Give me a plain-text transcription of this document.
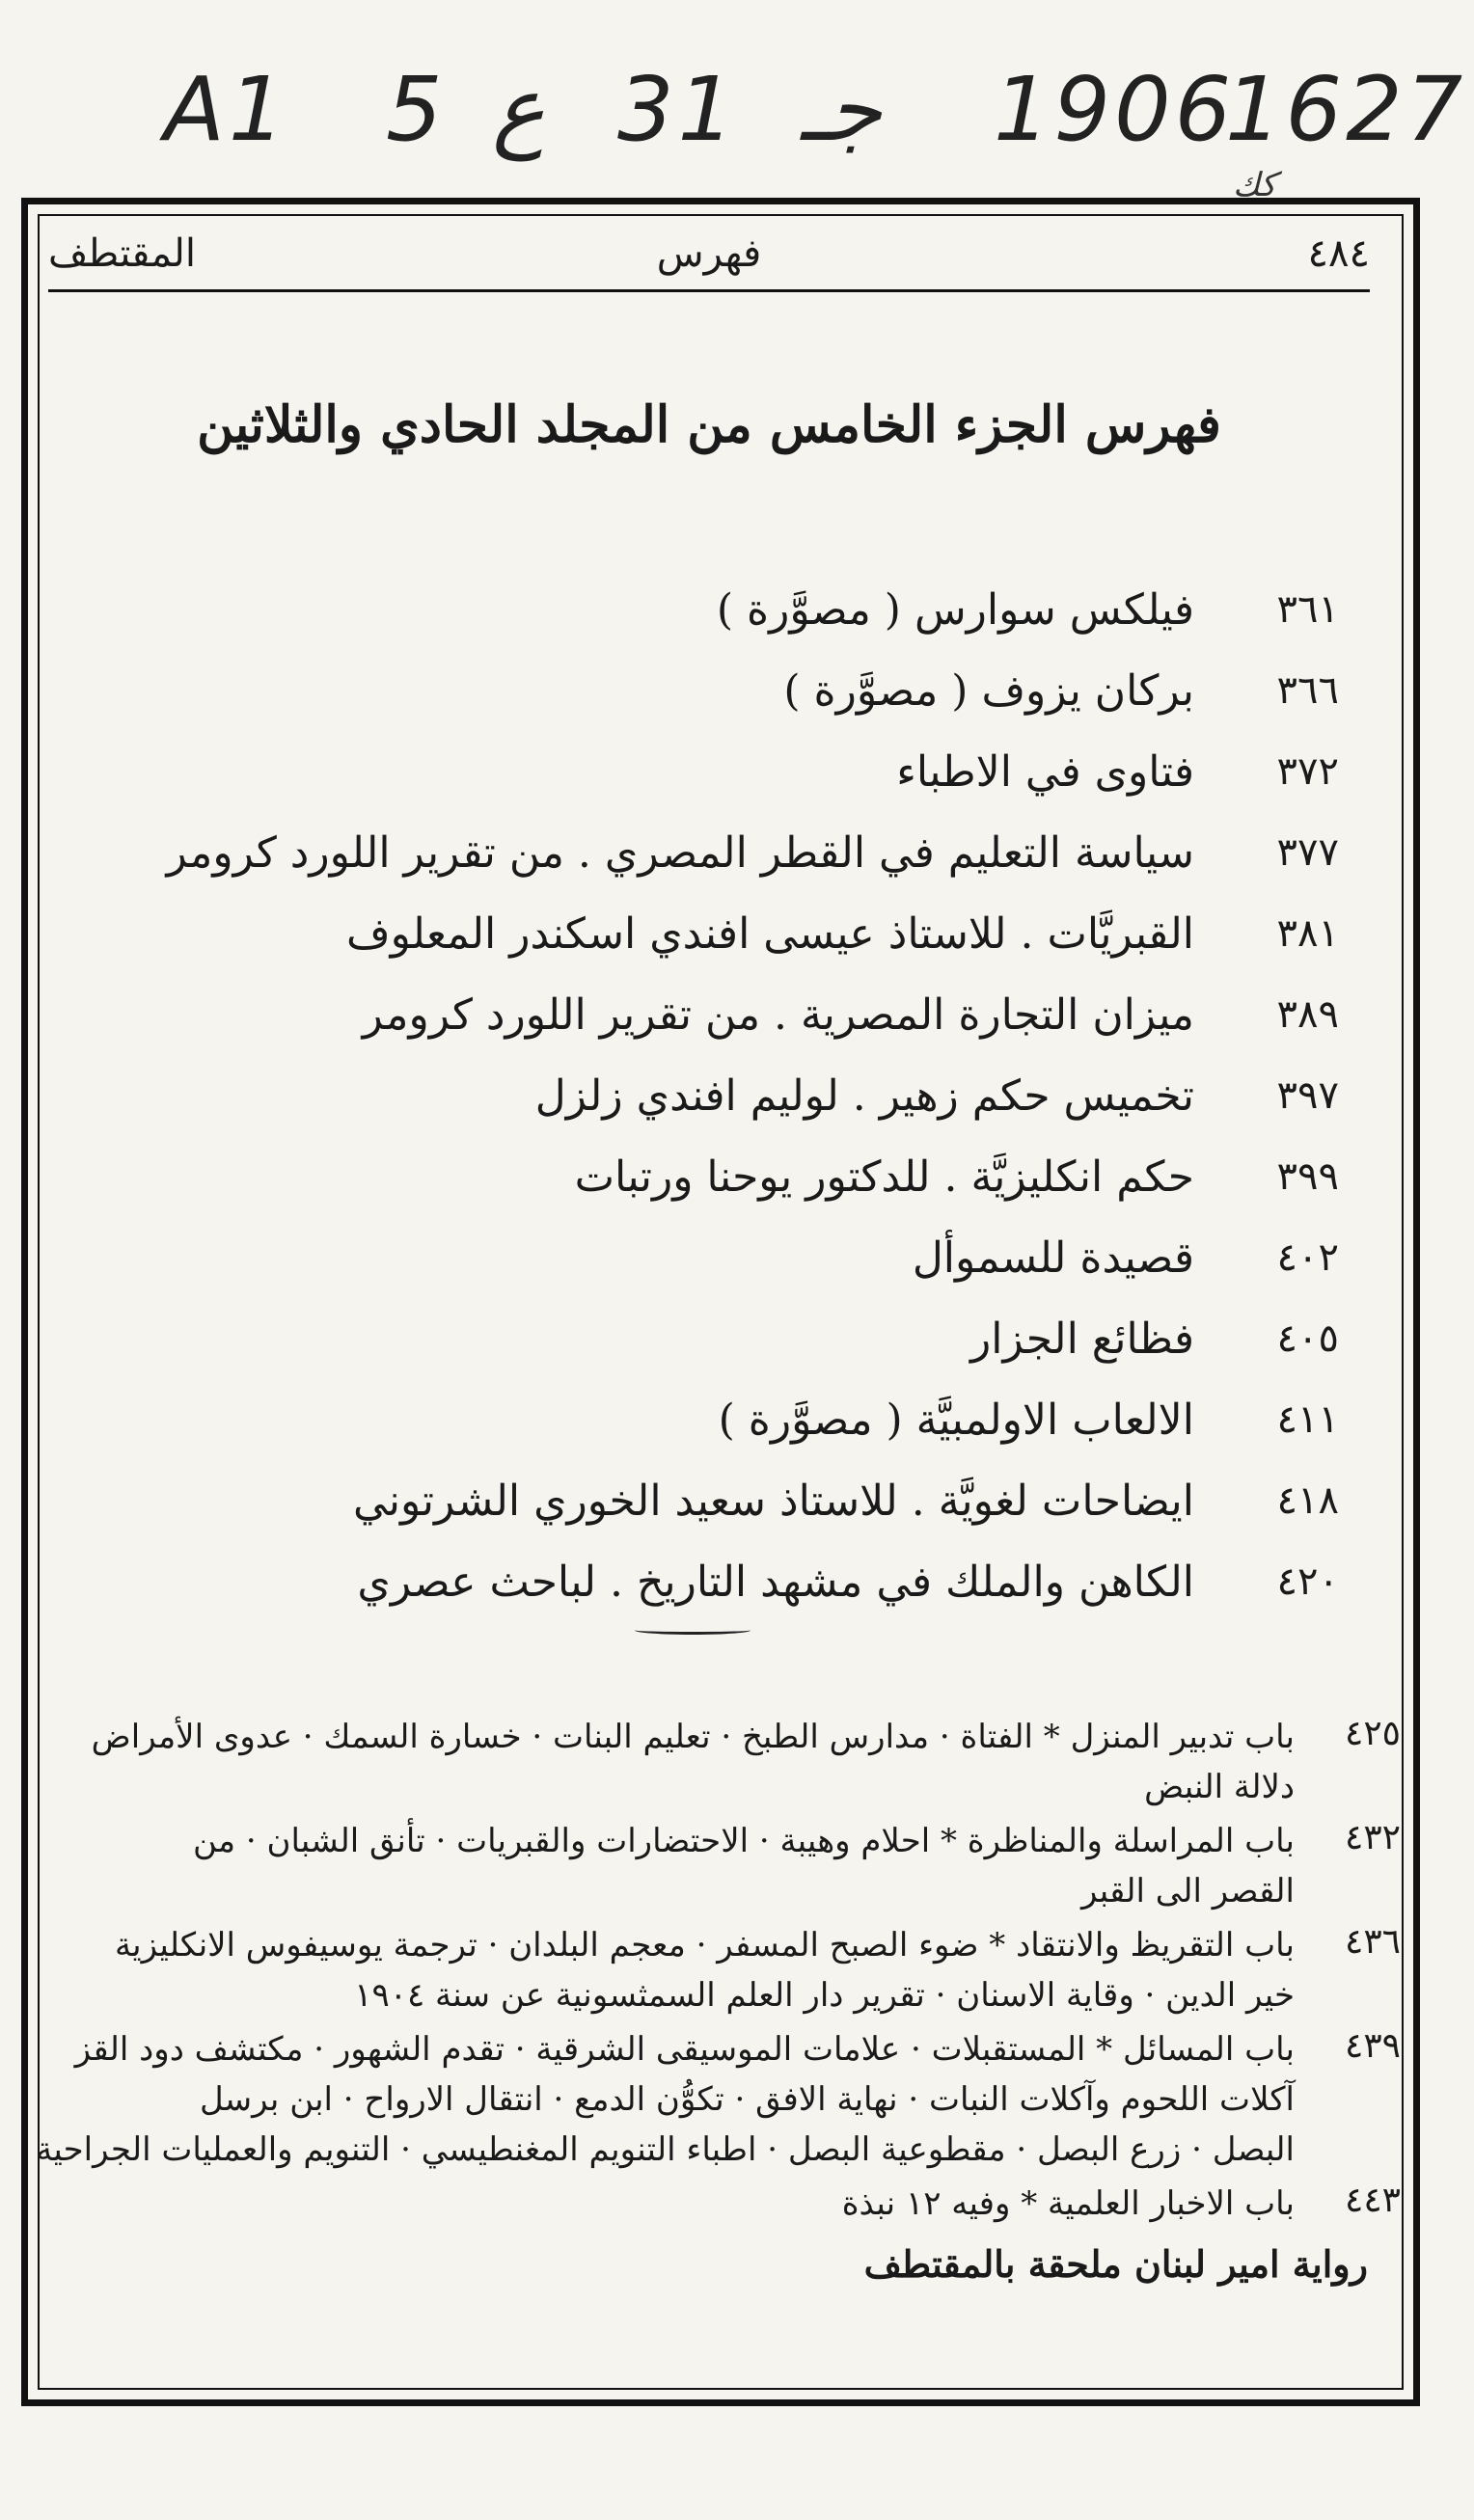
A1 5 ع 31 جـ 1906
1627
كك
٤٨٤
فهرس
المقتطف
فهرس الجزء الخامس من المجلد الحادي والثلاثين
٣٦١
فيلكس سوارس ( مصوَّرة )
٣٦٦
بركان يزوف ( مصوَّرة )
٣٧٢
فتاوى في الاطباء
٣٧٧
سياسة التعليم في القطر المصري . من تقرير اللورد كرومر
٣٨١
القبريَّات . للاستاذ عيسى افندي اسكندر المعلوف
٣٨٩
ميزان التجارة المصرية . من تقرير اللورد كرومر
٣٩٧
تخميس حكم زهير . لوليم افندي زلزل
٣٩٩
حكم انكليزيَّة . للدكتور يوحنا ورتبات
٤٠٢
قصيدة للسموأل
٤٠٥
فظائع الجزار
٤١١
الالعاب الاولمبيَّة ( مصوَّرة )
٤١٨
ايضاحات لغويَّة . للاستاذ سعيد الخوري الشرتوني
٤٢٠
الكاهن والملك في مشهد التاريخ . لباحث عصري
٤٢٥
باب تدبير المنزل * الفتاة · مدارس الطبخ · تعليم البنات · خسارة السمك · عدوى الأمراض
دلالة النبض
٤٣٢
باب المراسلة والمناظرة * احلام وهيبة · الاحتضارات والقبريات · تأنق الشبان · من
القصر الى القبر
٤٣٦
باب التقريظ والانتقاد * ضوء الصبح المسفر · معجم البلدان · ترجمة يوسيفوس الانكليزية
خير الدين · وقاية الاسنان · تقرير دار العلم السمثسونية عن سنة ١٩٠٤
٤٣٩
باب المسائل * المستقبلات · علامات الموسيقى الشرقية · تقدم الشهور · مكتشف دود القز
آكلات اللحوم وآكلات النبات · نهاية الافق · تكوُّن الدمع · انتقال الارواح · ابن برسل
البصل · زرع البصل · مقطوعية البصل · اطباء التنويم المغنطيسي · التنويم والعمليات الجراحية
٤٤٣
باب الاخبار العلمية * وفيه ١٢ نبذة
رواية امير لبنان ملحقة بالمقتطف
